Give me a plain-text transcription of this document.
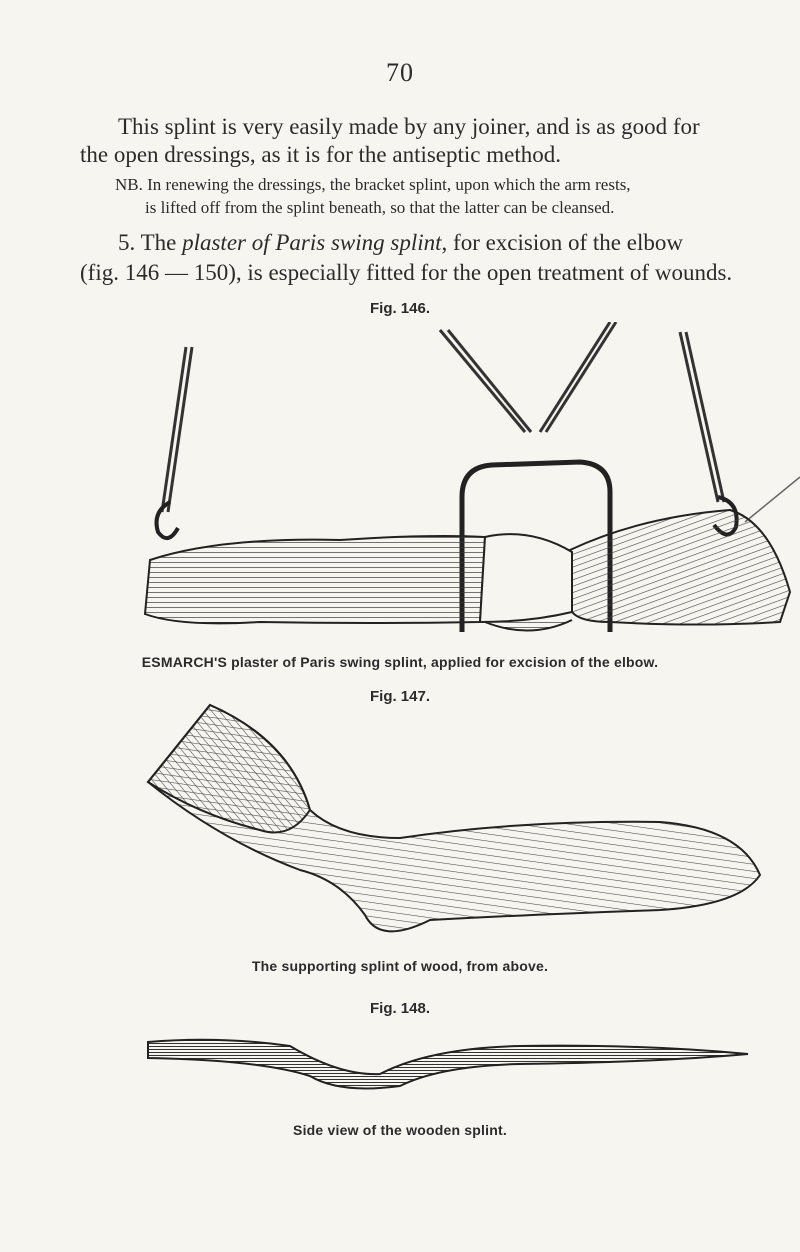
70

This splint is very easily made by any joiner, and is as good for

the open dressings, as it is for the antiseptic method.

NB. In renewing the dressings, the bracket splint, upon which the arm rests,

is lifted off from the splint beneath, so that the latter can be cleansed.

5. The plaster of Paris swing splint, for excision of the elbow

(fig. 146 — 150), is especially fitted for the open treatment of wounds.

Fig. 146.
ESMARCH'S plaster of Paris swing splint, applied for excision of the elbow.
Fig. 147.
The supporting splint of wood, from above.
Fig. 148.
Side view of the wooden splint.
